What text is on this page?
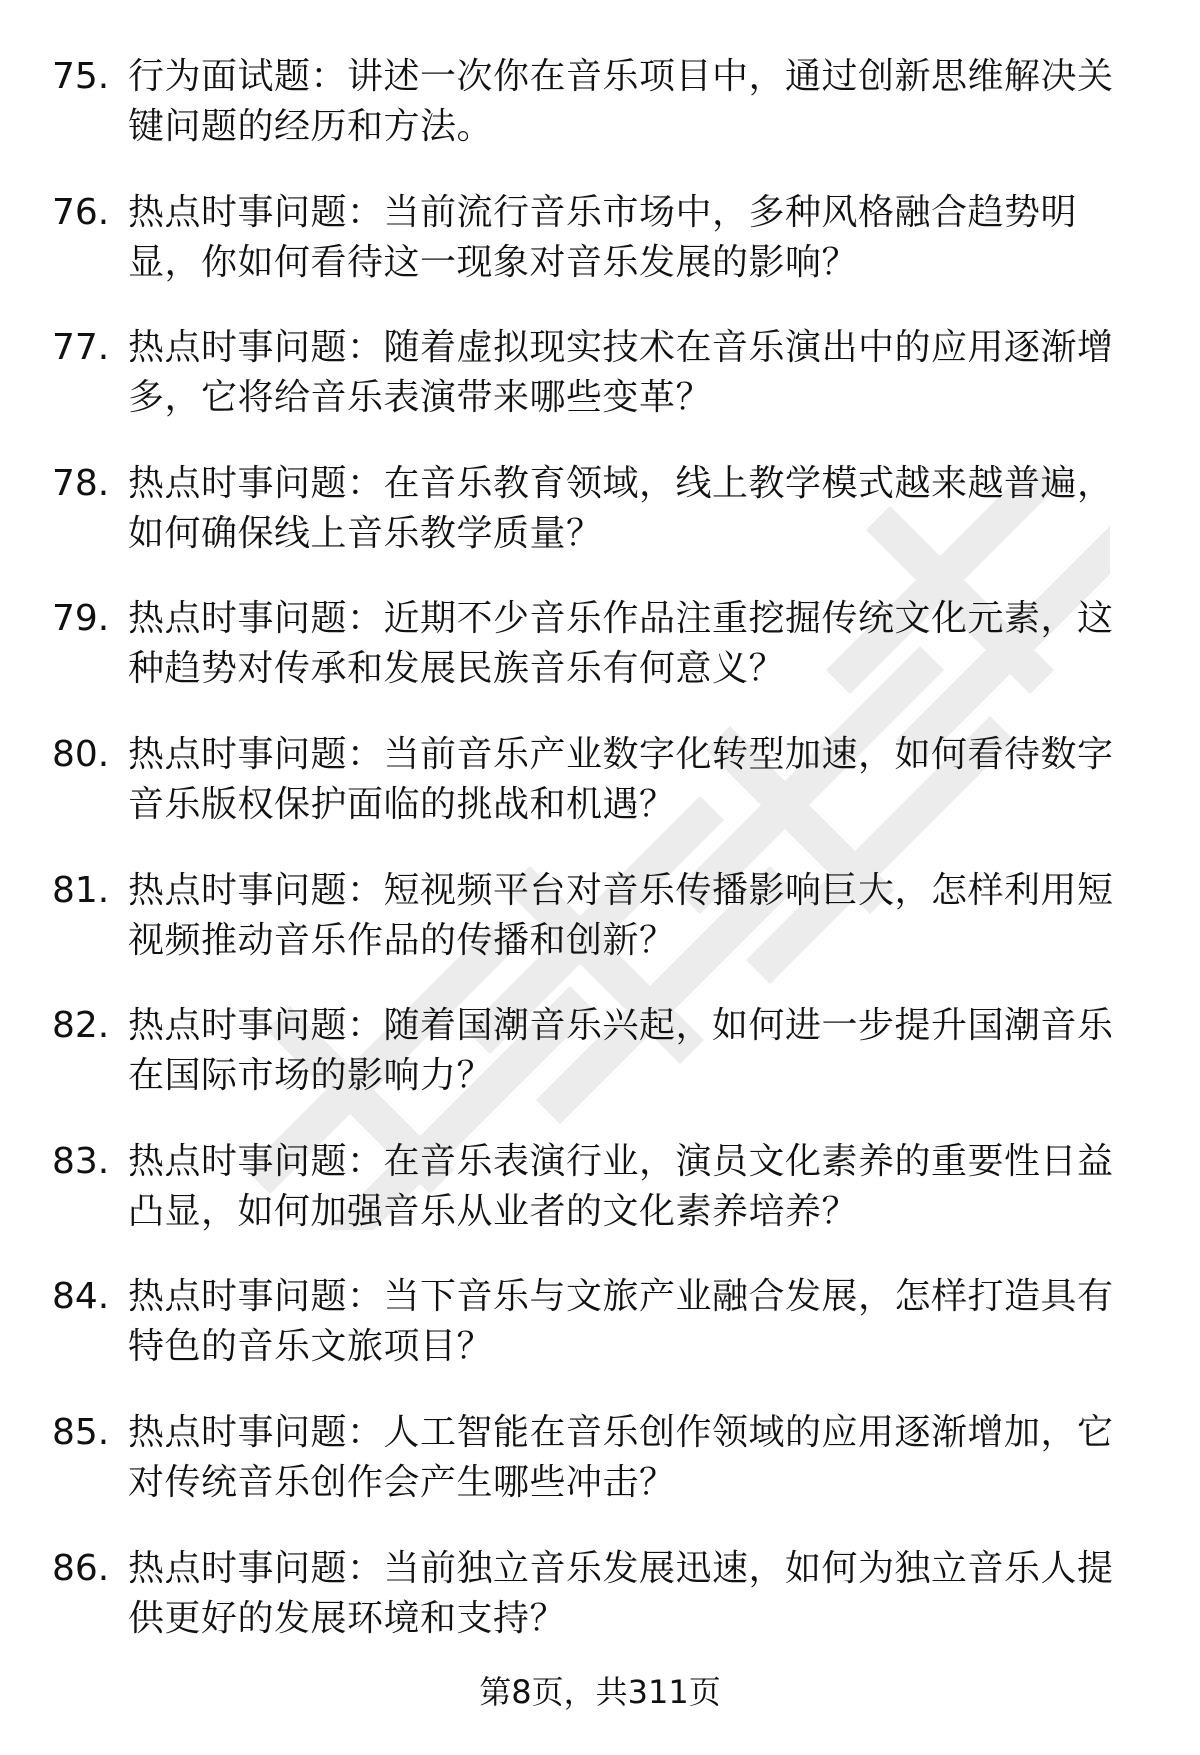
75. 行为面试题：讲述一次你在音乐项目中，通过创新思维解决关键问题的经历和方法。
76. 热点时事问题：当前流行音乐市场中，多种风格融合趋势明显，你如何看待这一现象对音乐发展的影响？
77. 热点时事问题：随着虚拟现实技术在音乐演出中的应用逐渐增多，它将给音乐表演带来哪些变革？
78. 热点时事问题：在音乐教育领域，线上教学模式越来越普遍，如何确保线上音乐教学质量？
79. 热点时事问题：近期不少音乐作品注重挖掘传统文化元素，这种趋势对传承和发展民族音乐有何意义？
80. 热点时事问题：当前音乐产业数字化转型加速，如何看待数字音乐版权保护面临的挑战和机遇？
81. 热点时事问题：短视频平台对音乐传播影响巨大，怎样利用短视频推动音乐作品的传播和创新？
82. 热点时事问题：随着国潮音乐兴起，如何进一步提升国潮音乐在国际市场的影响力？
83. 热点时事问题：在音乐表演行业，演员文化素养的重要性日益凸显，如何加强音乐从业者的文化素养培养？
84. 热点时事问题：当下音乐与文旅产业融合发展，怎样打造具有特色的音乐文旅项目？
85. 热点时事问题：人工智能在音乐创作领域的应用逐渐增加，它对传统音乐创作会产生哪些冲击？
86. 热点时事问题：当前独立音乐发展迅速，如何为独立音乐人提供更好的发展环境和支持？
第8页，共311页
